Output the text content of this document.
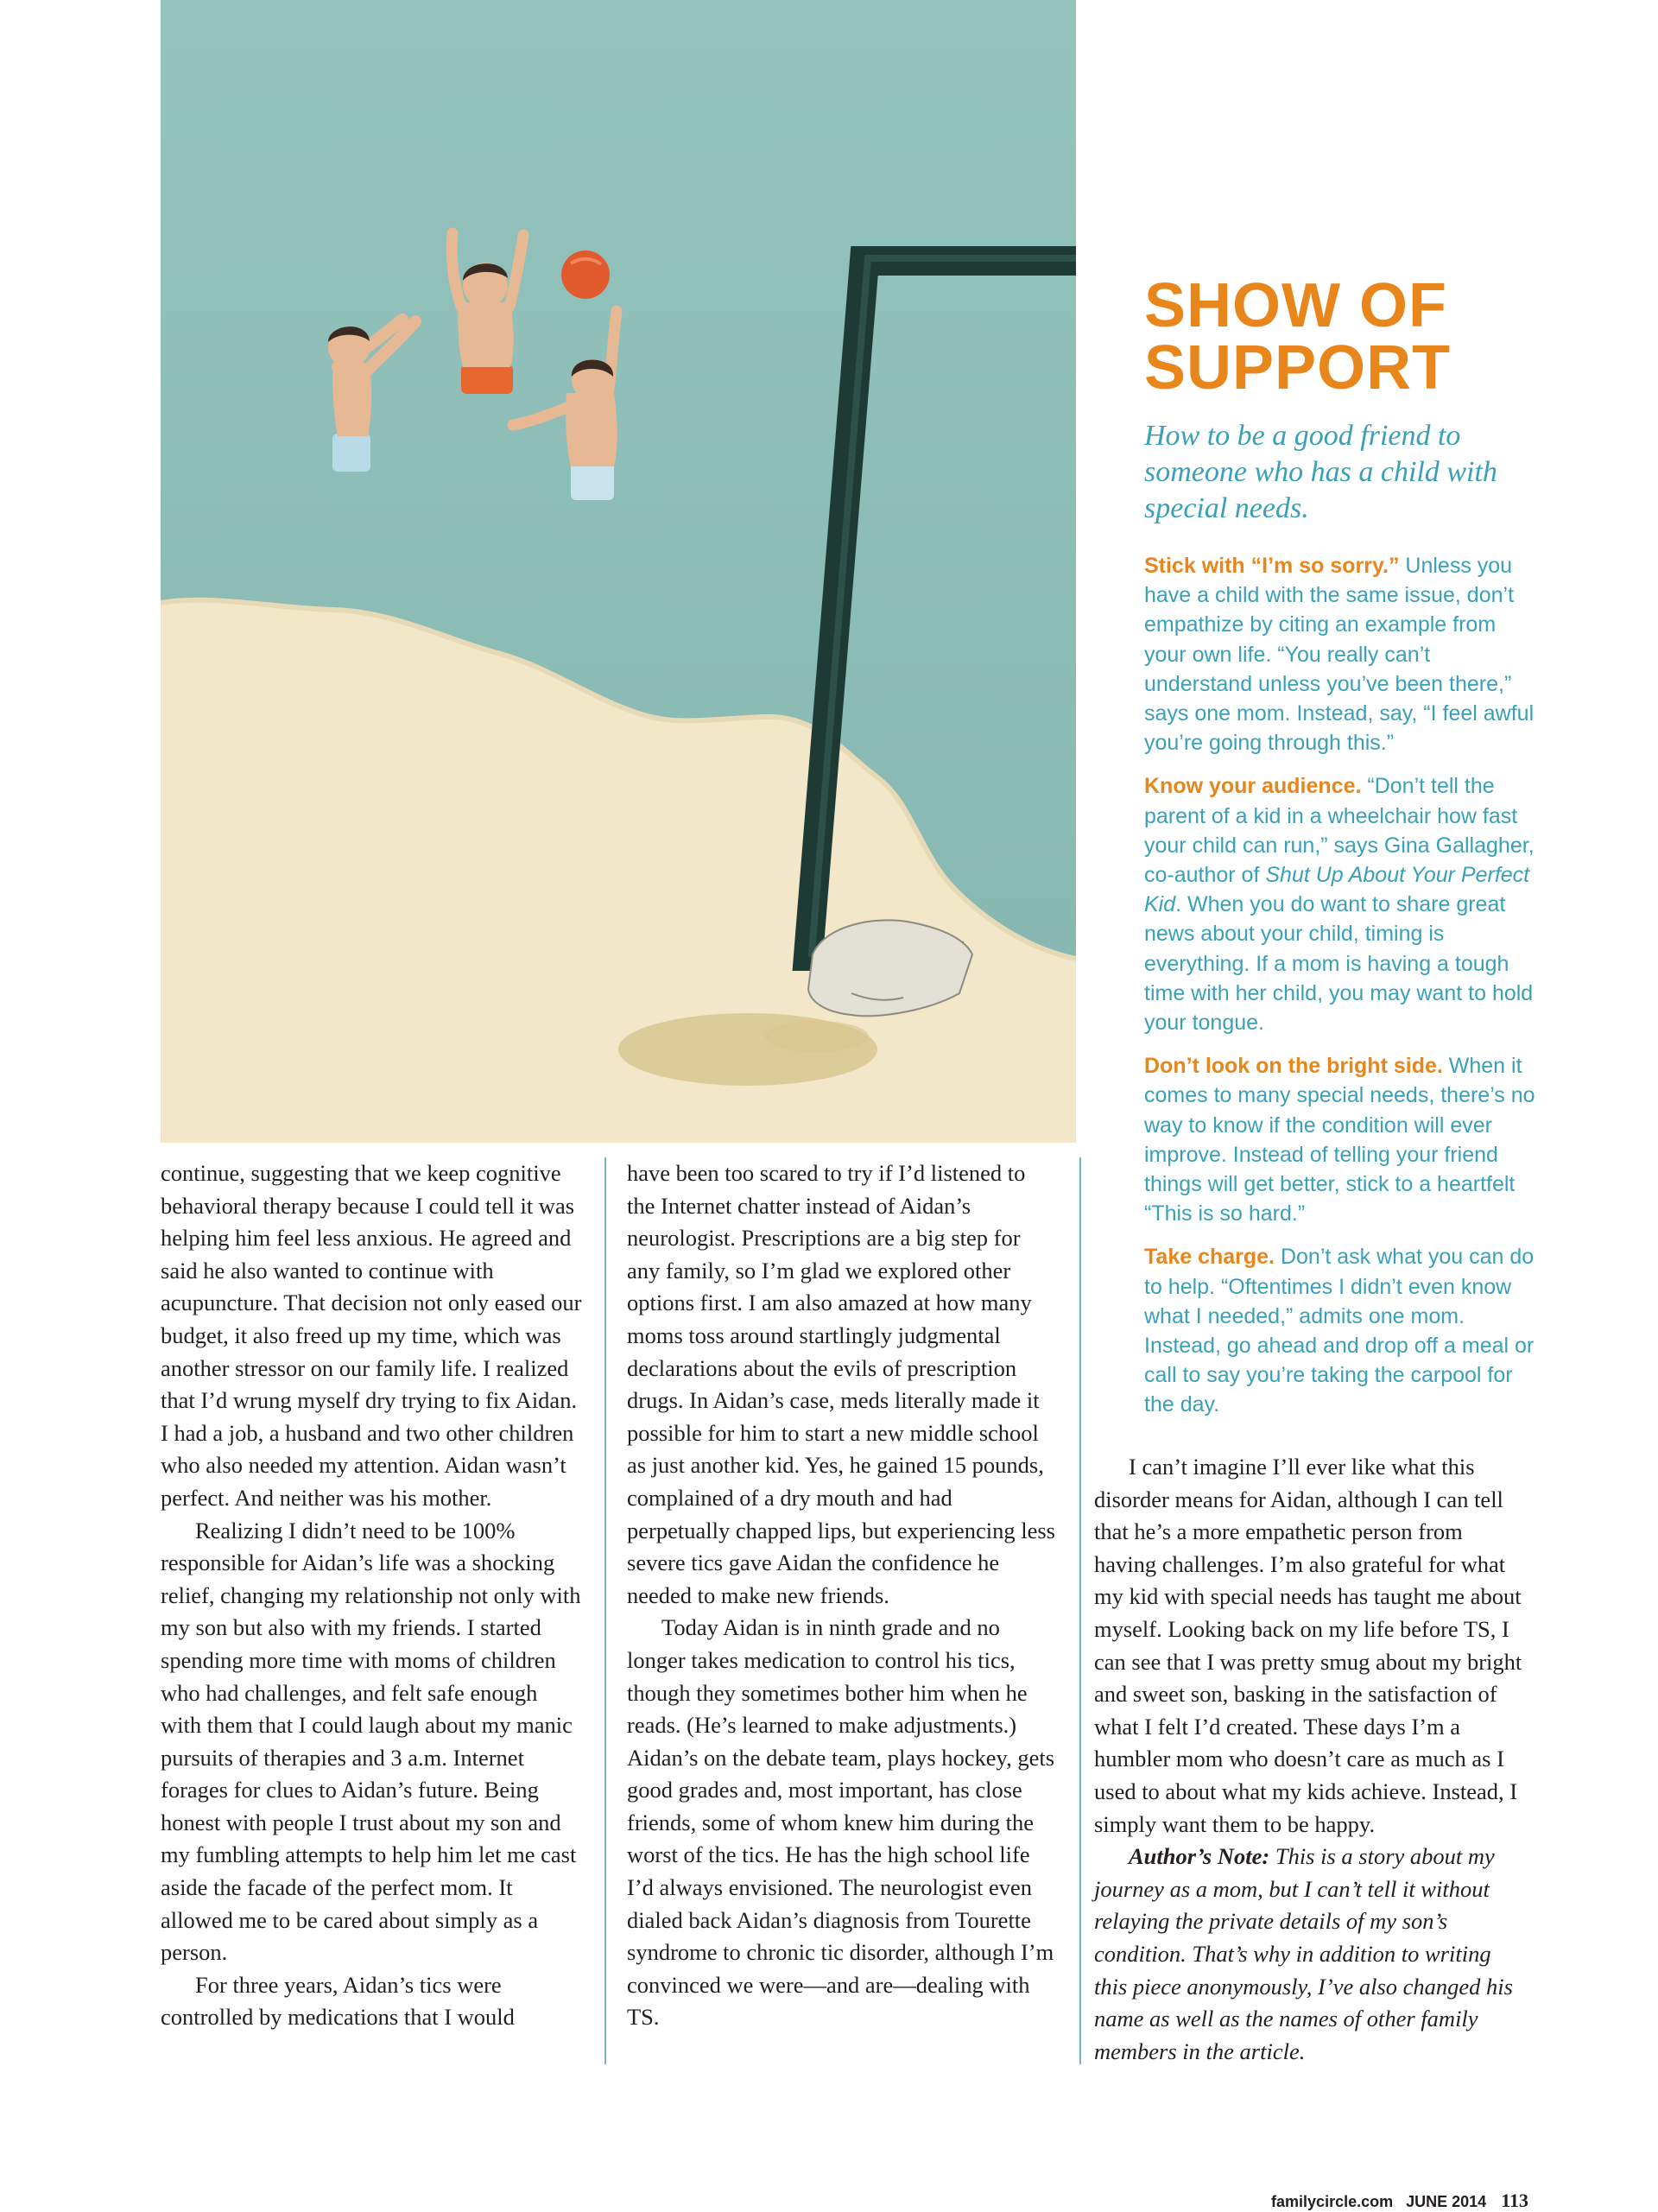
continue, suggesting that we keep cognitive behavioral therapy because I could tell it was helping him feel less anxious. He agreed and said he also wanted to continue with acupuncture. That decision not only eased our budget, it also freed up my time, which was another stressor on our family life. I realized that I’d wrung myself dry trying to fix Aidan. I had a job, a husband and two other children who also needed my attention. Aidan wasn’t perfect. And neither was his mother.

Realizing I didn’t need to be 100% responsible for Aidan’s life was a shocking relief, changing my relationship not only with my son but also with my friends. I started spending more time with moms of children who had challenges, and felt safe enough with them that I could laugh about my manic pursuits of therapies and 3 a.m. Internet forages for clues to Aidan’s future. Being honest with people I trust about my son and my fumbling attempts to help him let me cast aside the facade of the perfect mom. It allowed me to be cared about simply as a person.

For three years, Aidan’s tics were controlled by medications that I would

have been too scared to try if I’d listened to the Internet chatter instead of Aidan’s neurologist. Prescriptions are a big step for any family, so I’m glad we explored other options first. I am also amazed at how many moms toss around startlingly judgmental declarations about the evils of prescription drugs. In Aidan’s case, meds literally made it possible for him to start a new middle school as just another kid. Yes, he gained 15 pounds, complained of a dry mouth and had perpetually chapped lips, but experiencing less severe tics gave Aidan the confidence he needed to make new friends.

Today Aidan is in ninth grade and no longer takes medication to control his tics, though they sometimes bother him when he reads. (He’s learned to make adjustments.) Aidan’s on the debate team, plays hockey, gets good grades and, most important, has close friends, some of whom knew him during the worst of the tics. He has the high school life I’d always envisioned. The neurologist even dialed back Aidan’s diagnosis from Tourette syndrome to chronic tic disorder, although I’m convinced we were—and are—dealing with TS.

SHOW OF
SUPPORT

How to be a good friend to someone who has a child with special needs.

Stick with “I’m so sorry.” Unless you have a child with the same issue, don’t empathize by citing an example from your own life. “You really can’t understand unless you’ve been there,” says one mom. Instead, say, “I feel awful you’re going through this.”

Know your audience. “Don’t tell the parent of a kid in a wheelchair how fast your child can run,” says Gina Gallagher, co-author of Shut Up About Your Perfect Kid. When you do want to share great news about your child, timing is everything. If a mom is having a tough time with her child, you may want to hold your tongue.

Don’t look on the bright side. When it comes to many special needs, there’s no way to know if the condition will ever improve. Instead of telling your friend things will get better, stick to a heartfelt “This is so hard.”

Take charge. Don’t ask what you can do to help. “Oftentimes I didn’t even know what I needed,” admits one mom. Instead, go ahead and drop off a meal or call to say you’re taking the carpool for the day.

I can’t imagine I’ll ever like what this disorder means for Aidan, although I can tell that he’s a more empathetic person from having challenges. I’m also grateful for what my kid with special needs has taught me about myself. Looking back on my life before TS, I can see that I was pretty smug about my bright and sweet son, basking in the satisfaction of what I felt I’d created. These days I’m a humbler mom who doesn’t care as much as I used to about what my kids achieve. Instead, I simply want them to be happy.

Author’s Note: This is a story about my journey as a mom, but I can’t tell it without relaying the private details of my son’s condition. That’s why in addition to writing this piece anonymously, I’ve also changed his name as well as the names of other family members in the article.

familycircle.com JUNE 2014 113
